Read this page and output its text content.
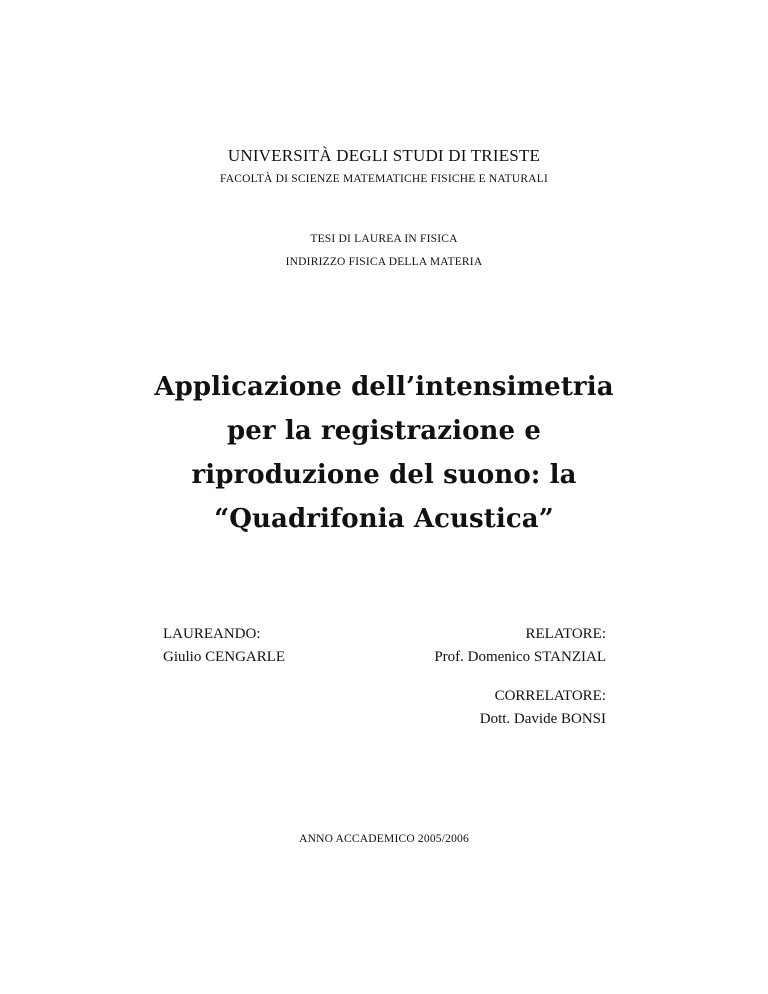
UNIVERSITÀ DEGLI STUDI DI TRIESTE
FACOLTÀ DI SCIENZE MATEMATICHE FISICHE E NATURALI
TESI DI LAUREA IN FISICA
INDIRIZZO FISICA DELLA MATERIA
Applicazione dell’intensimetria
per la registrazione e
riproduzione del suono: la
“Quadrifonia Acustica”
LAUREANDO:
Giulio CENGARLE
RELATORE:
Prof. Domenico STANZIAL
CORRELATORE:
Dott. Davide BONSI
ANNO ACCADEMICO 2005/2006
